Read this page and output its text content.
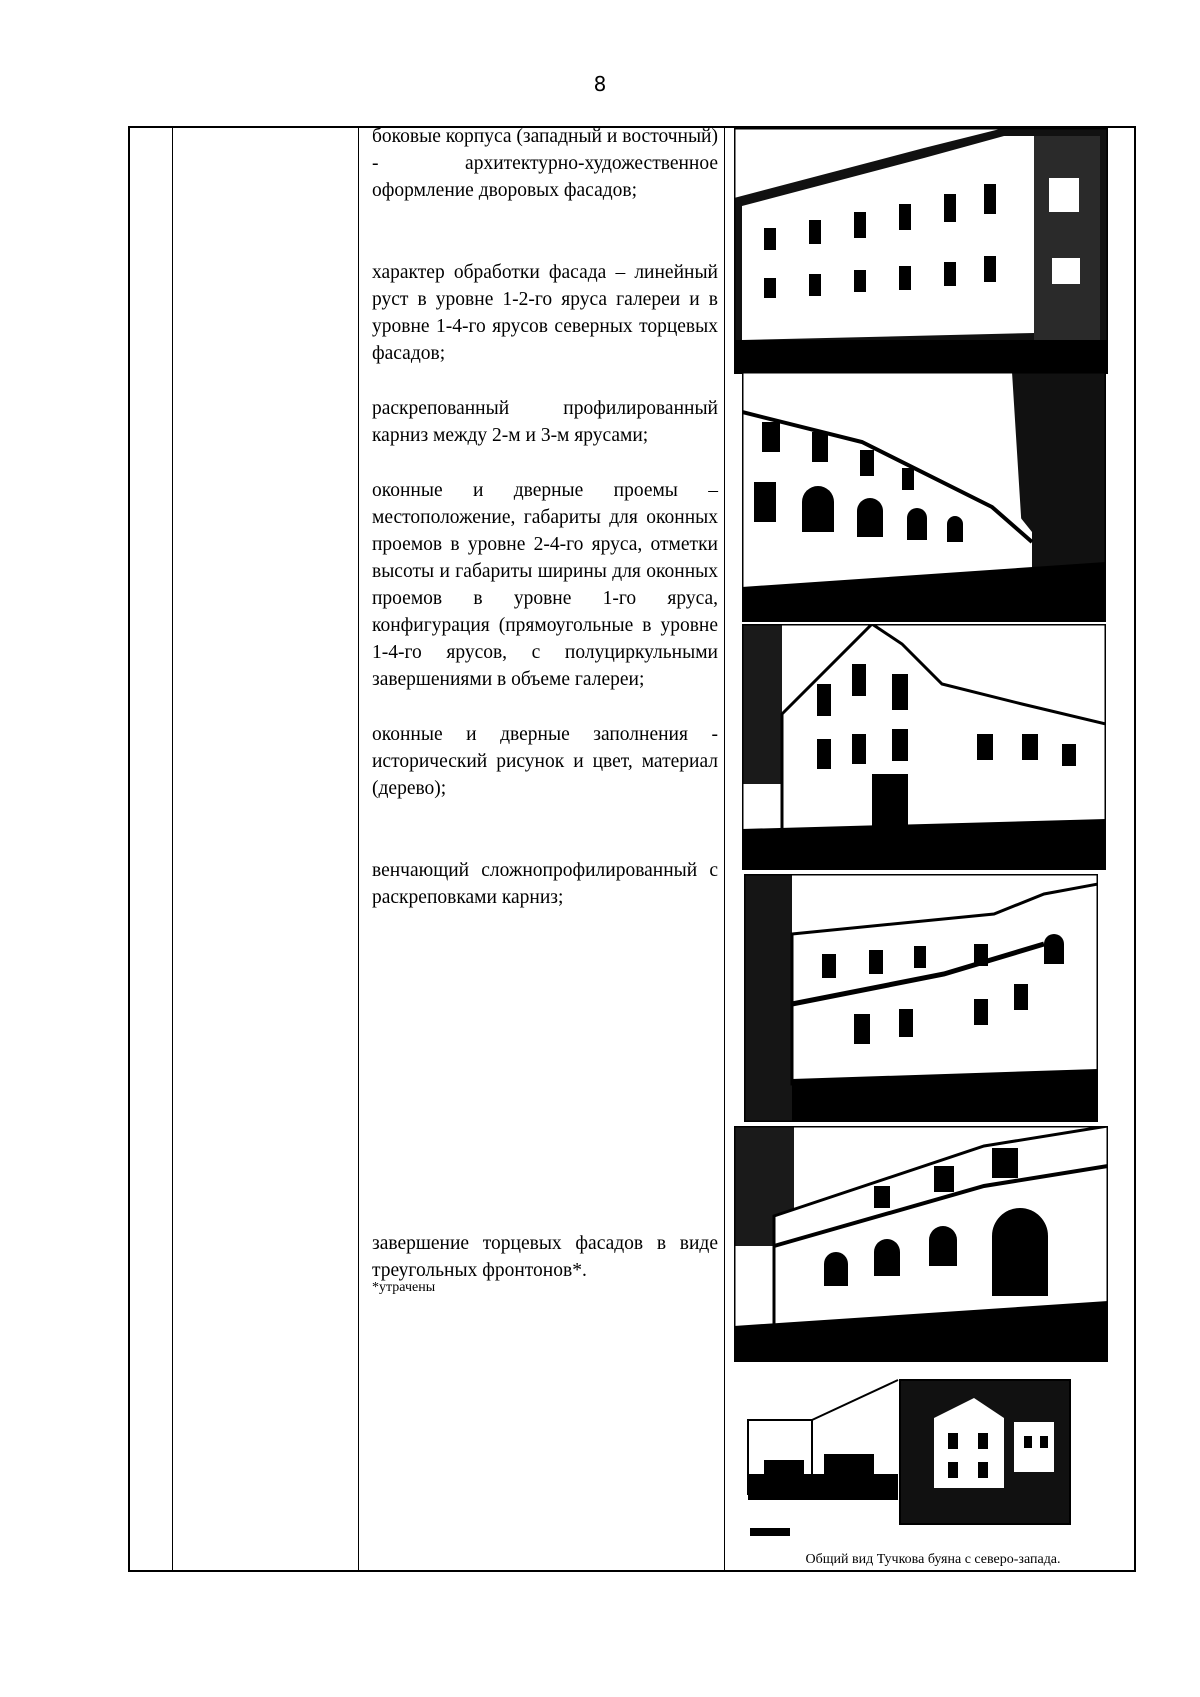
8

боковые корпуса (западный и восточный) - архитектурно-художественное оформление дворовых фасадов;

характер обработки фасада – линейный руст в уровне 1-2-го яруса галереи и в уровне 1-4-го ярусов северных торцевых фасадов;

раскрепованный профилированный карниз между 2-м и 3-м ярусами;

оконные и дверные проемы – местоположение, габариты для оконных проемов в уровне 2-4-го яруса, отметки высоты и габариты ширины для оконных проемов в уровне 1-го яруса, конфигурация (прямоугольные в уровне 1-4-го ярусов, с полуциркульными завершениями в объеме галереи;

оконные и дверные заполнения - исторический рисунок и цвет, материал (дерево);

венчающий сложнопрофилированный с раскреповками карниз;

завершение торцевых фасадов в виде треугольных фронтонов*.

*утрачены

Общий вид Тучкова буяна с северо-запада.
